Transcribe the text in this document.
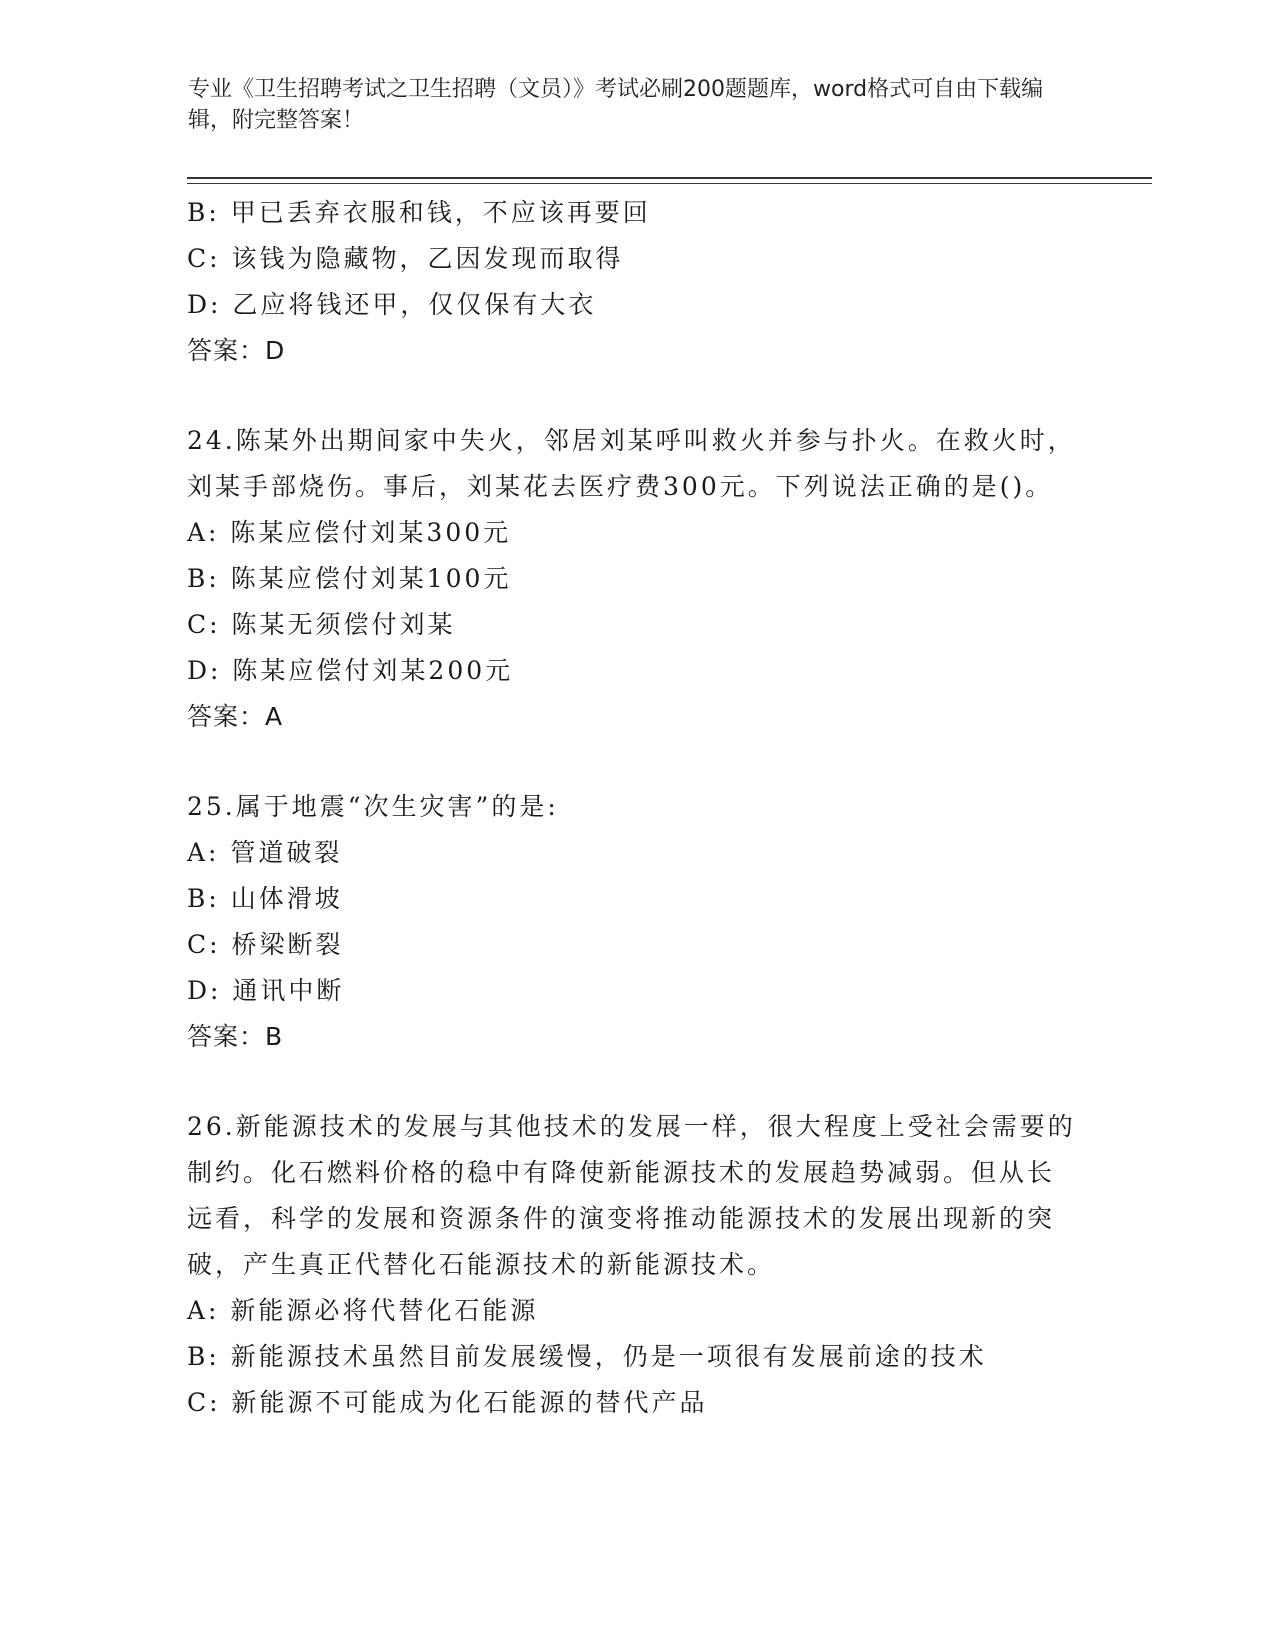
专业《卫生招聘考试之卫生招聘（文员）》考试必刷200题题库，word格式可自由下载编辑，附完整答案！
B: 甲已丢弃衣服和钱，不应该再要回
C: 该钱为隐藏物，乙因发现而取得
D: 乙应将钱还甲，仅仅保有大衣
答案：D
24.陈某外出期间家中失火，邻居刘某呼叫救火并参与扑火。在救火时，刘某手部烧伤。事后，刘某花去医疗费300元。下列说法正确的是()。
A: 陈某应偿付刘某300元
B: 陈某应偿付刘某100元
C: 陈某无须偿付刘某
D: 陈某应偿付刘某200元
答案：A
25.属于地震“次生灾害”的是:
A: 管道破裂
B: 山体滑坡
C: 桥梁断裂
D: 通讯中断
答案：B
26.新能源技术的发展与其他技术的发展一样，很大程度上受社会需要的制约。化石燃料价格的稳中有降使新能源技术的发展趋势减弱。但从长远看，科学的发展和资源条件的演变将推动能源技术的发展出现新的突破，产生真正代替化石能源技术的新能源技术。
A: 新能源必将代替化石能源
B: 新能源技术虽然目前发展缓慢，仍是一项很有发展前途的技术
C: 新能源不可能成为化石能源的替代产品
